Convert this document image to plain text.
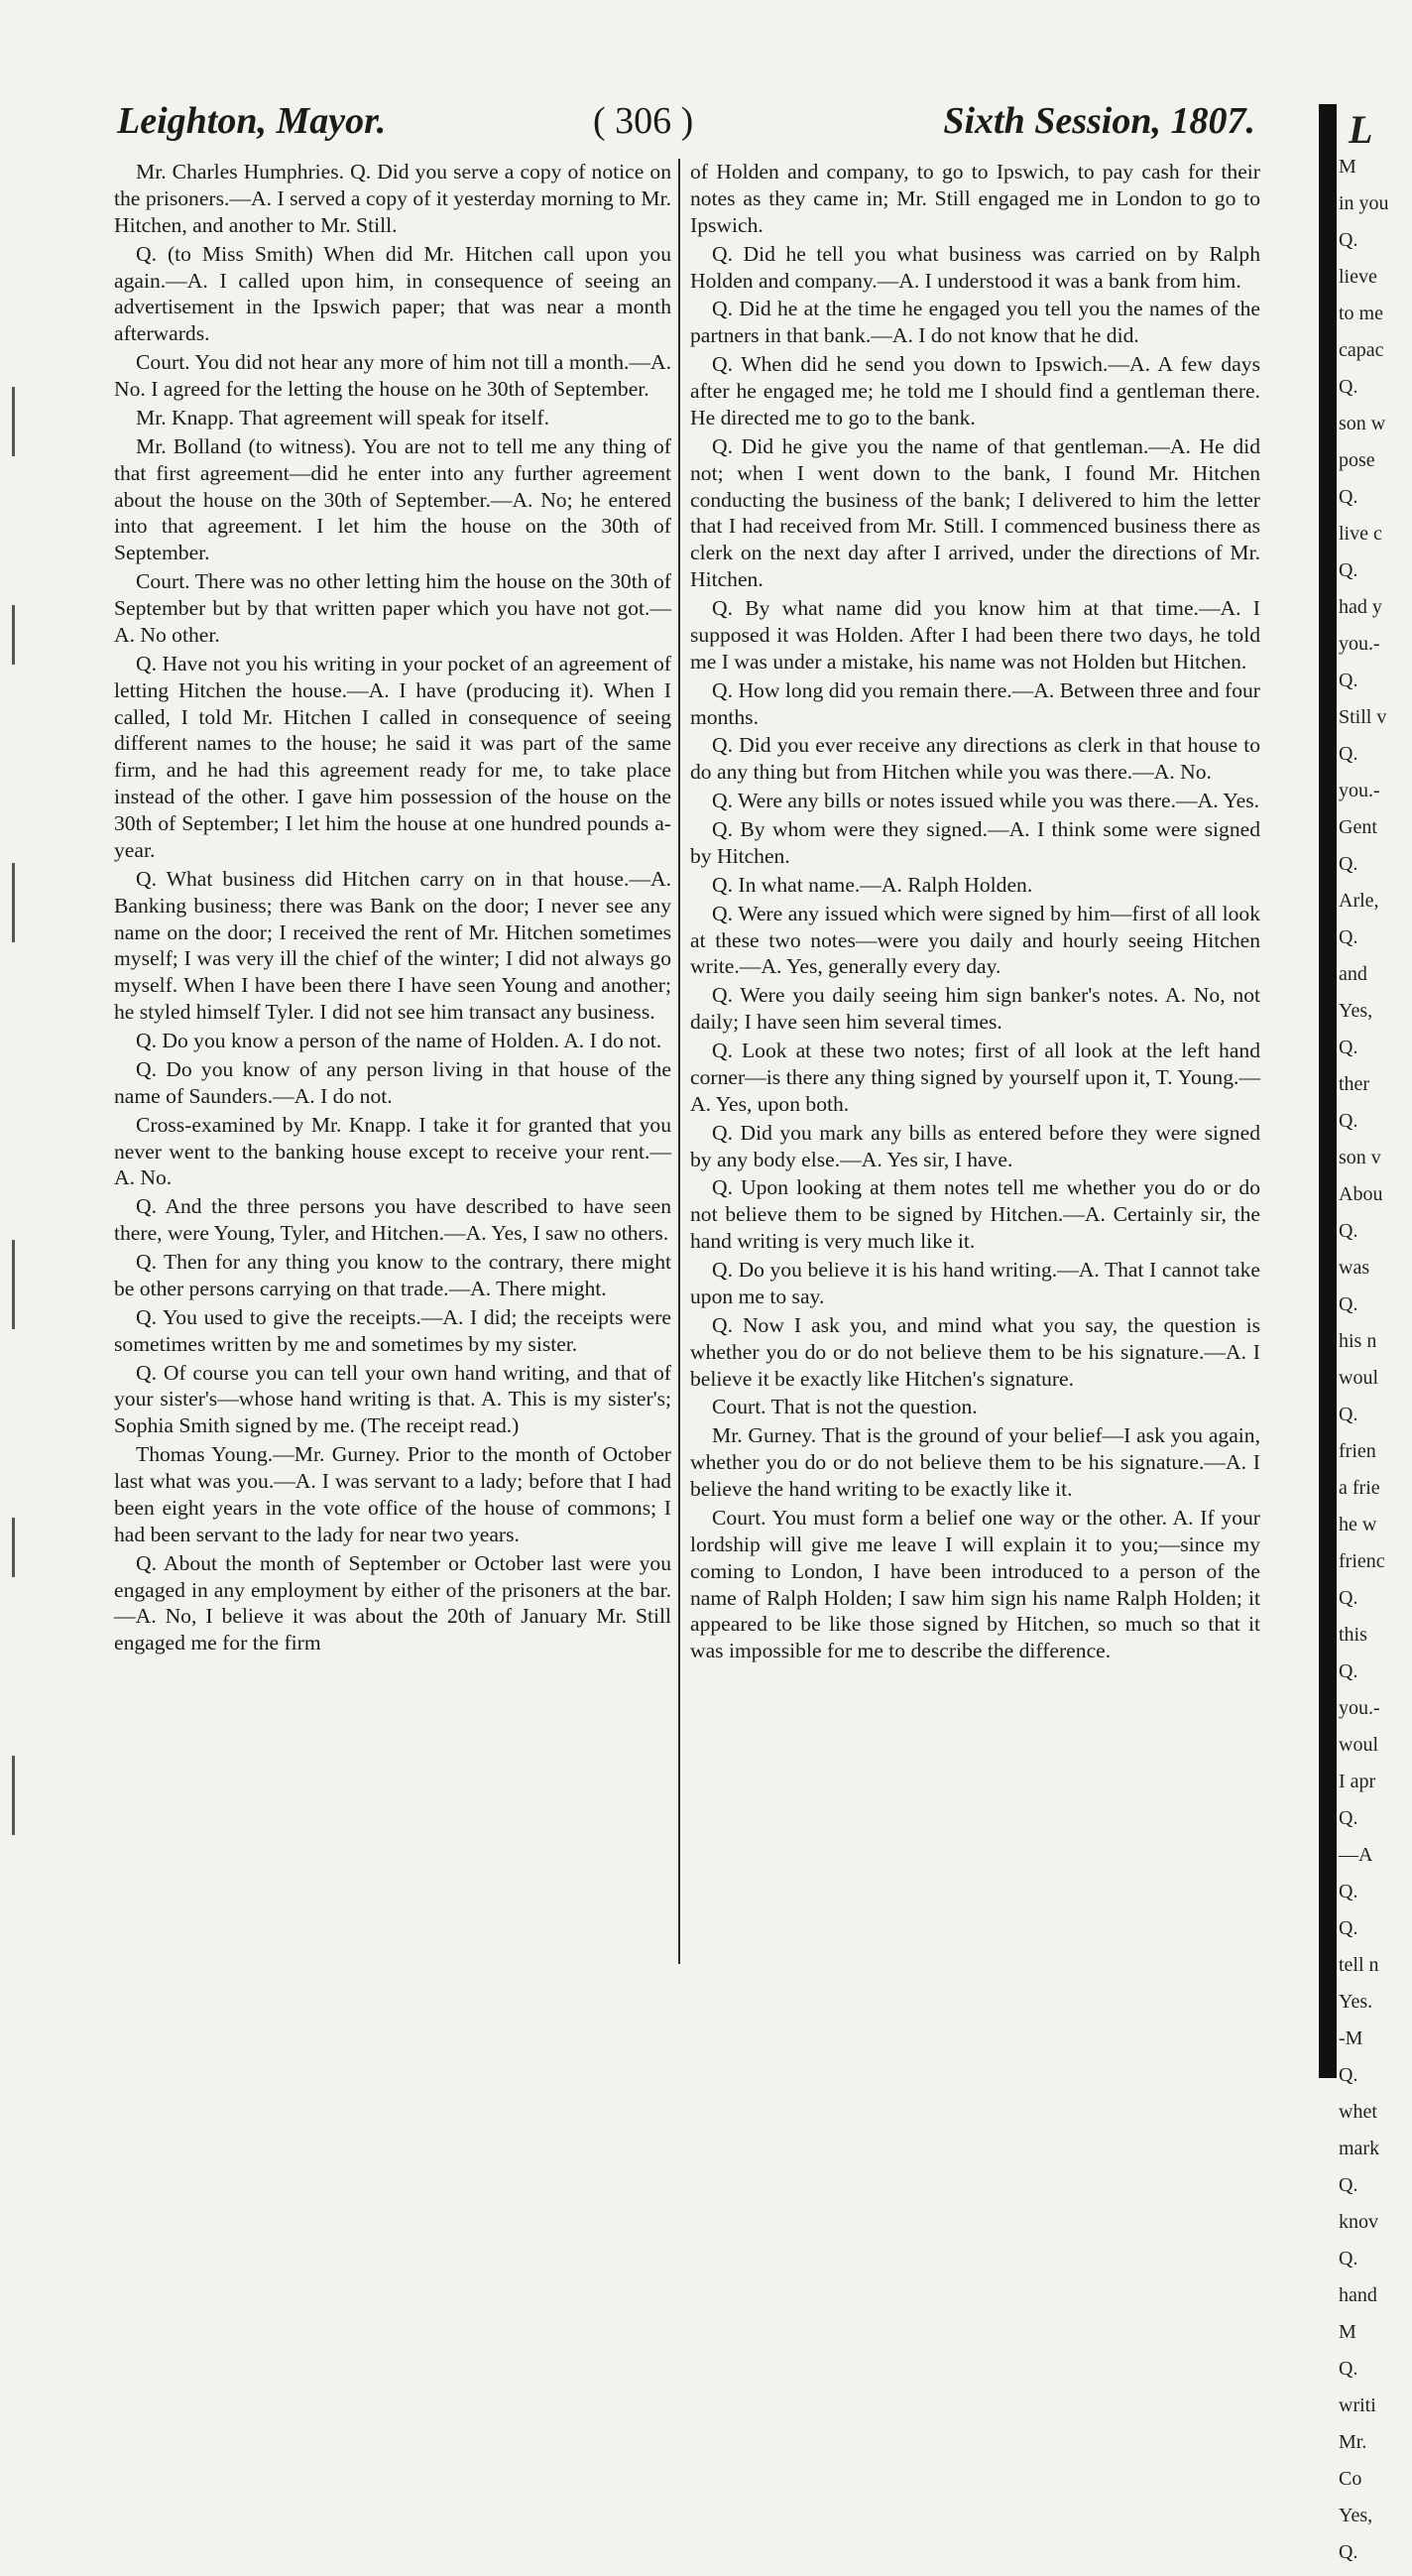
Leighton, Mayor.	( 306 )	Sixth Session, 1807.

Mr. Charles Humphries. Q. Did you serve a copy of notice on the prisoners.—A. I served a copy of it yesterday morning to Mr. Hitchen, and another to Mr. Still.

Q. (to Miss Smith) When did Mr. Hitchen call upon you again.—A. I called upon him, in consequence of seeing an advertisement in the Ipswich paper; that was near a month afterwards.

Court. You did not hear any more of him not till a month.—A. No. I agreed for the letting the house on he 30th of September.

Mr. Knapp. That agreement will speak for itself.

Mr. Bolland (to witness). You are not to tell me any thing of that first agreement—did he enter into any further agreement about the house on the 30th of September.—A. No; he entered into that agreement. I let him the house on the 30th of September.

Court. There was no other letting him the house on the 30th of September but by that written paper which you have not got.—A. No other.

Q. Have not you his writing in your pocket of an agreement of letting Hitchen the house.—A. I have (producing it). When I called, I told Mr. Hitchen I called in consequence of seeing different names to the house; he said it was part of the same firm, and he had this agreement ready for me, to take place instead of the other. I gave him possession of the house on the 30th of September; I let him the house at one hundred pounds a-year.

Q. What business did Hitchen carry on in that house.—A. Banking business; there was Bank on the door; I never see any name on the door; I received the rent of Mr. Hitchen sometimes myself; I was very ill the chief of the winter; I did not always go myself. When I have been there I have seen Young and another; he styled himself Tyler. I did not see him transact any business.

Q. Do you know a person of the name of Holden. A. I do not.

Q. Do you know of any person living in that house of the name of Saunders.—A. I do not.

Cross-examined by Mr. Knapp. I take it for granted that you never went to the banking house except to receive your rent.—A. No.

Q. And the three persons you have described to have seen there, were Young, Tyler, and Hitchen.—A. Yes, I saw no others.

Q. Then for any thing you know to the contrary, there might be other persons carrying on that trade.—A. There might.

Q. You used to give the receipts.—A. I did; the receipts were sometimes written by me and sometimes by my sister.

Q. Of course you can tell your own hand writing, and that of your sister's—whose hand writing is that. A. This is my sister's; Sophia Smith signed by me. (The receipt read.)

Thomas Young.—Mr. Gurney. Prior to the month of October last what was you.—A. I was servant to a lady; before that I had been eight years in the vote office of the house of commons; I had been servant to the lady for near two years.

Q. About the month of September or October last were you engaged in any employment by either of the prisoners at the bar.—A. No, I believe it was about the 20th of January Mr. Still engaged me for the firm

of Holden and company, to go to Ipswich, to pay cash for their notes as they came in; Mr. Still engaged me in London to go to Ipswich.

Q. Did he tell you what business was carried on by Ralph Holden and company.—A. I understood it was a bank from him.

Q. Did he at the time he engaged you tell you the names of the partners in that bank.—A. I do not know that he did.

Q. When did he send you down to Ipswich.—A. A few days after he engaged me; he told me I should find a gentleman there. He directed me to go to the bank.

Q. Did he give you the name of that gentleman.—A. He did not; when I went down to the bank, I found Mr. Hitchen conducting the business of the bank; I delivered to him the letter that I had received from Mr. Still. I commenced business there as clerk on the next day after I arrived, under the directions of Mr. Hitchen.

Q. By what name did you know him at that time.—A. I supposed it was Holden. After I had been there two days, he told me I was under a mistake, his name was not Holden but Hitchen.

Q. How long did you remain there.—A. Between three and four months.

Q. Did you ever receive any directions as clerk in that house to do any thing but from Hitchen while you was there.—A. No.

Q. Were any bills or notes issued while you was there.—A. Yes.

Q. By whom were they signed.—A. I think some were signed by Hitchen.

Q. In what name.—A. Ralph Holden.

Q. Were any issued which were signed by him—first of all look at these two notes—were you daily and hourly seeing Hitchen write.—A. Yes, generally every day.

Q. Were you daily seeing him sign banker's notes. A. No, not daily; I have seen him several times.

Q. Look at these two notes; first of all look at the left hand corner—is there any thing signed by yourself upon it, T. Young.—A. Yes, upon both.

Q. Did you mark any bills as entered before they were signed by any body else.—A. Yes sir, I have.

Q. Upon looking at them notes tell me whether you do or do not believe them to be signed by Hitchen.—A. Certainly sir, the hand writing is very much like it.

Q. Do you believe it is his hand writing.—A. That I cannot take upon me to say.

Q. Now I ask you, and mind what you say, the question is whether you do or do not believe them to be his signature.—A. I believe it be exactly like Hitchen's signature.

Court. That is not the question.

Mr. Gurney. That is the ground of your belief—I ask you again, whether you do or do not believe them to be his signature.—A. I believe the hand writing to be exactly like it.

Court. You must form a belief one way or the other. A. If your lordship will give me leave I will explain it to you;—since my coming to London, I have been introduced to a person of the name of Ralph Holden; I saw him sign his name Ralph Holden; it appeared to be like those signed by Hitchen, so much so that it was impossible for me to describe the difference.

L
M
in you
Q.
lieve
to me
capac
Q.
son w
pose
Q.
live c
Q.
had y
you.-
Q.
Still v
Q.
you.-
Gent
Q.
Arle,
Q.
and
Yes,
Q.
ther
Q.
son v
Abou
Q.
was
Q.
his n
woul
Q.
frien
a frie
he w
frienc
Q.
this
Q.
you.-
woul
I apr
Q.
—A
Q.
Q.
tell n
Yes.
-M
Q.
whet
mark
Q.
knov
Q.
hand
M
Q.
writi
Mr.
Co
Yes,
Q.
